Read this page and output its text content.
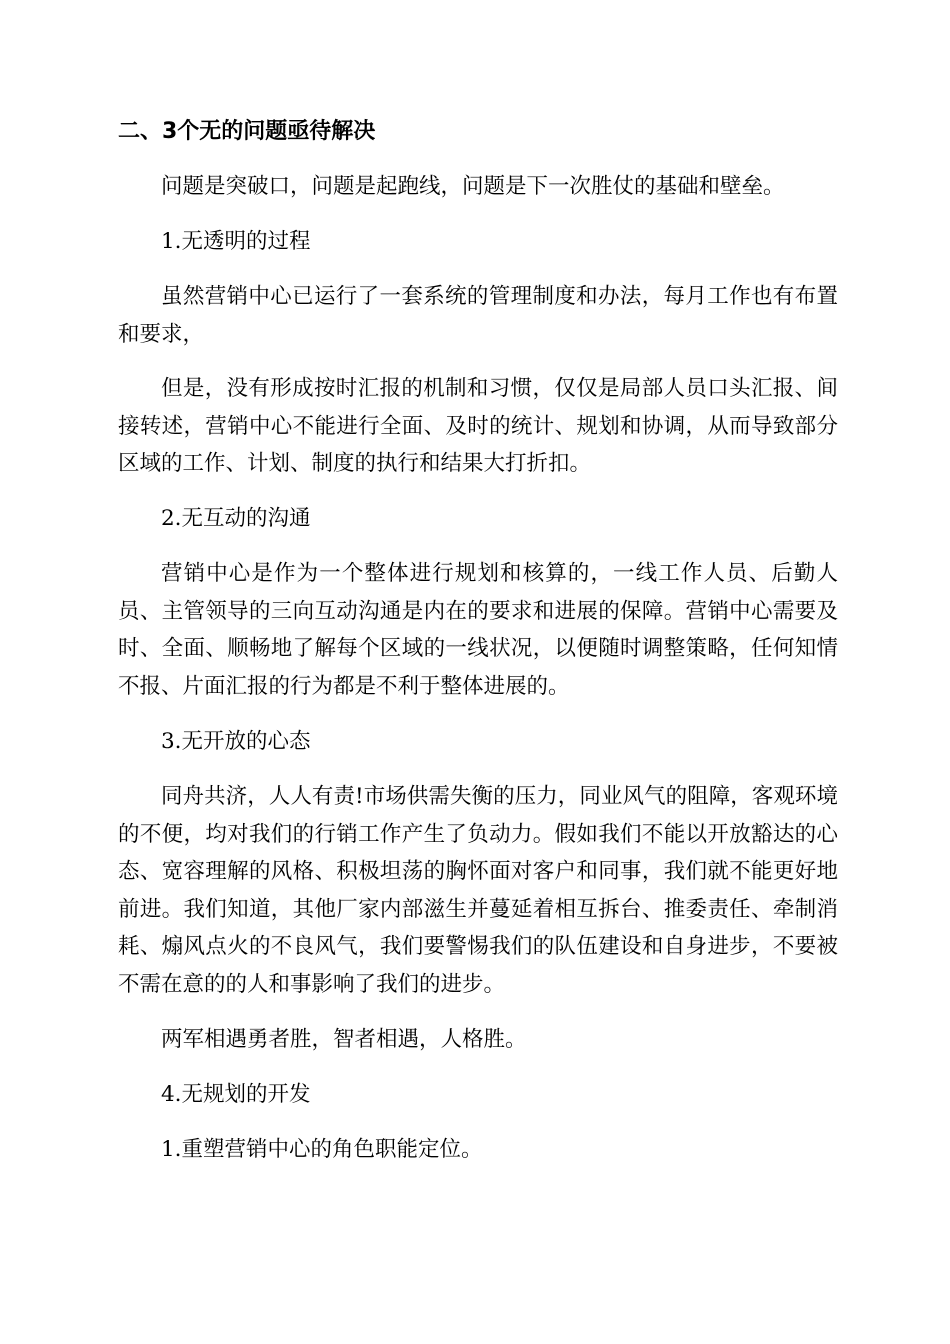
二、3个无的问题亟待解决

问题是突破口，问题是起跑线，问题是下一次胜仗的基础和壁垒。

1.无透明的过程

虽然营销中心已运行了一套系统的管理制度和办法，每月工作也有布置和要求，

但是，没有形成按时汇报的机制和习惯，仅仅是局部人员口头汇报、间接转述，营销中心不能进行全面、及时的统计、规划和协调，从而导致部分区域的工作、计划、制度的执行和结果大打折扣。

2.无互动的沟通

营销中心是作为一个整体进行规划和核算的，一线工作人员、后勤人员、主管领导的三向互动沟通是内在的要求和进展的保障。营销中心需要及时、全面、顺畅地了解每个区域的一线状况，以便随时调整策略，任何知情不报、片面汇报的行为都是不利于整体进展的。

3.无开放的心态

同舟共济，人人有责!市场供需失衡的压力，同业风气的阻障，客观环境的不便，均对我们的行销工作产生了负动力。假如我们不能以开放豁达的心态、宽容理解的风格、积极坦荡的胸怀面对客户和同事，我们就不能更好地前进。我们知道，其他厂家内部滋生并蔓延着相互拆台、推委责任、牵制消耗、煽风点火的不良风气，我们要警惕我们的队伍建设和自身进步，不要被不需在意的的人和事影响了我们的进步。

两军相遇勇者胜，智者相遇，人格胜。

4.无规划的开发

1.重塑营销中心的角色职能定位。
